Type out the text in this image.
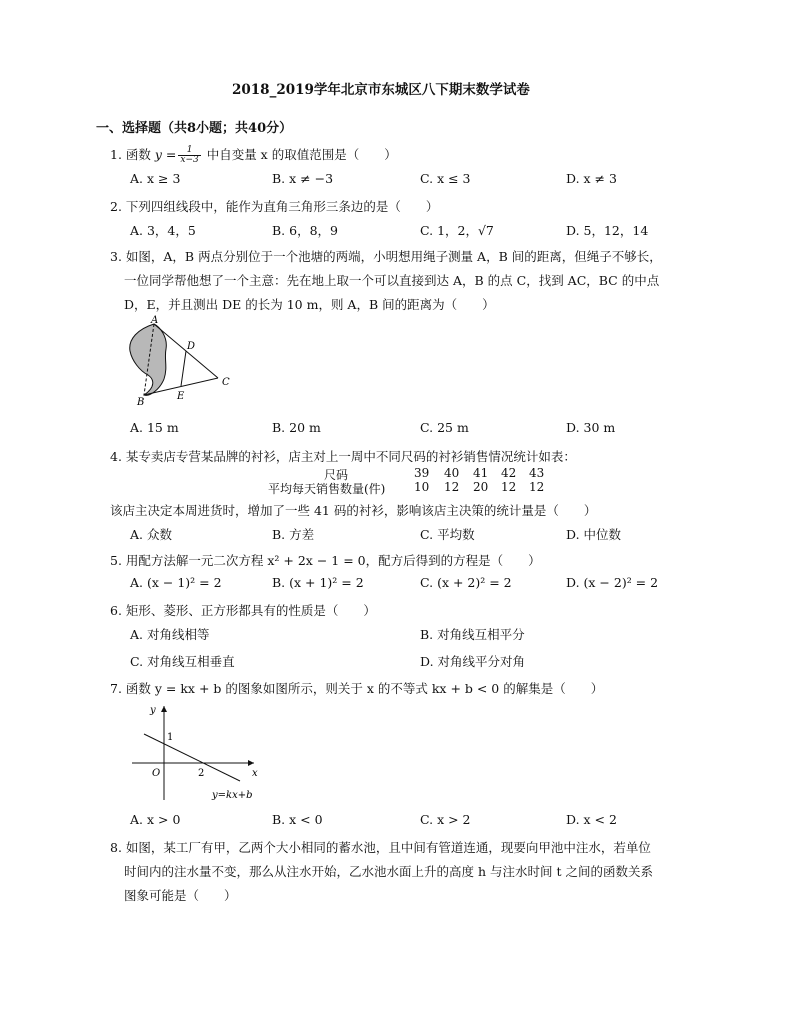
2018_2019学年北京市东城区八下期末数学试卷
一、选择题（共8小题；共40分）
1. 函数 $y = \frac{1}{x-3}$ 中自变量 x 的取值范围是（　　）
A. x ≥ 3	B. x ≠ −3	C. x ≤ 3	D. x ≠ 3
2. 下列四组线段中，能作为直角三角形三条边的是（　　）
A. 3，4，5	B. 6，8，9	C. 1，2，√7	D. 5，12，14
3. 如图，A，B 两点分别位于一个池塘的两端，小明想用绳子测量 A，B 间的距离，但绳子不够长，
一位同学帮他想了一个主意：先在地上取一个可以直接到达 A，B 的点 C，找到 AC，BC 的中点
D，E，并且测出 DE 的长为 10 m，则 A，B 间的距离为（　　）
A
B
C
D
E
A. 15 m	B. 20 m	C. 25 m	D. 30 m
4. 某专卖店专营某品牌的衬衫，店主对上一周中不同尺码的衬衫销售情况统计如表：
尺码	39 40 41 42 43
平均每天销售数量(件) 10 12 20 12 12
该店主决定本周进货时，增加了一些 41 码的衬衫，影响该店主决策的统计量是（　　）
A. 众数	B. 方差	C. 平均数	D. 中位数
5. 用配方法解一元二次方程 x² + 2x − 1 = 0，配方后得到的方程是（　　）
A. (x − 1)² = 2	B. (x + 1)² = 2	C. (x + 2)² = 2	D. (x − 2)² = 2
6. 矩形、菱形、正方形都具有的性质是（　　）
A. 对角线相等	B. 对角线互相平分
C. 对角线互相垂直	D. 对角线平分对角
7. 函数 y = kx + b 的图象如图所示，则关于 x 的不等式 kx + b < 0 的解集是（　　）
y
x
O
1
2
y=kx+b
A. x > 0	B. x < 0	C. x > 2	D. x < 2
8. 如图，某工厂有甲，乙两个大小相同的蓄水池，且中间有管道连通，现要向甲池中注水，若单位
时间内的注水量不变，那么从注水开始，乙水池水面上升的高度 h 与注水时间 t 之间的函数关系
图象可能是（　　）
